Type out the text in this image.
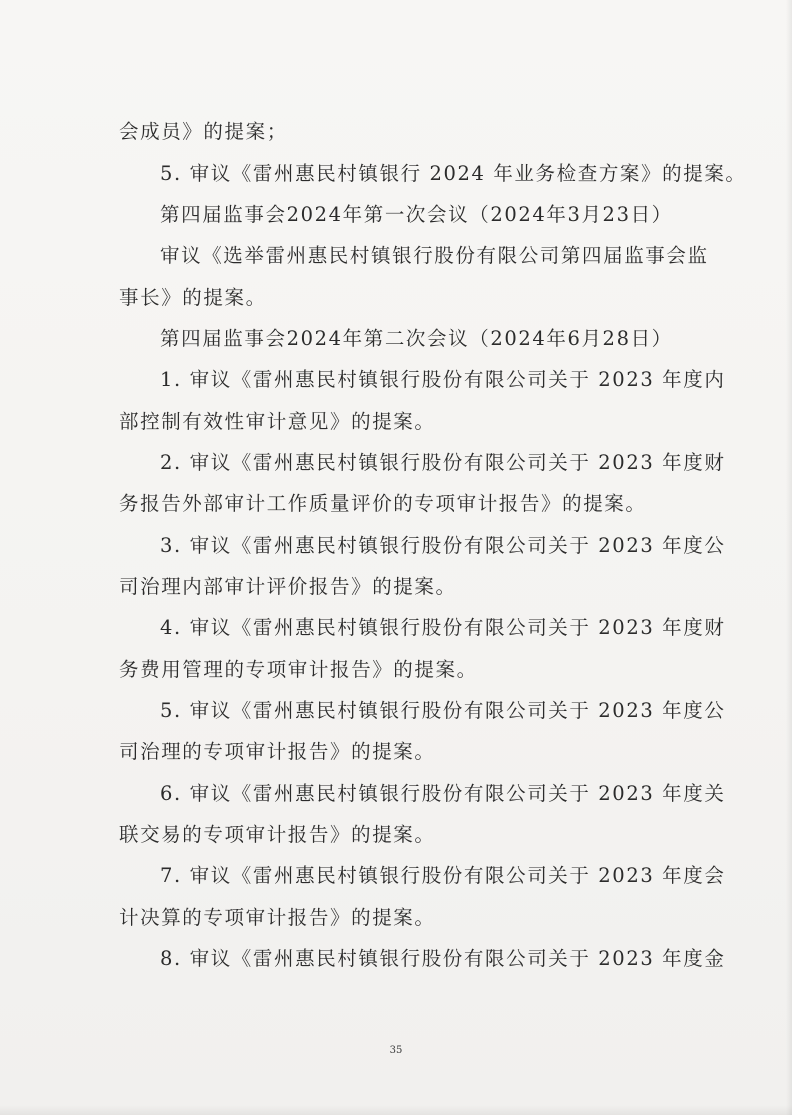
会成员》的提案；
5. 审议《雷州惠民村镇银行 2024 年业务检查方案》的提案。
第四届监事会2024年第一次会议（2024年3月23日）
审议《选举雷州惠民村镇银行股份有限公司第四届监事会监
事长》的提案。
第四届监事会2024年第二次会议（2024年6月28日）
1. 审议《雷州惠民村镇银行股份有限公司关于 2023 年度内
部控制有效性审计意见》的提案。
2. 审议《雷州惠民村镇银行股份有限公司关于 2023 年度财
务报告外部审计工作质量评价的专项审计报告》的提案。
3. 审议《雷州惠民村镇银行股份有限公司关于 2023 年度公
司治理内部审计评价报告》的提案。
4. 审议《雷州惠民村镇银行股份有限公司关于 2023 年度财
务费用管理的专项审计报告》的提案。
5. 审议《雷州惠民村镇银行股份有限公司关于 2023 年度公
司治理的专项审计报告》的提案。
6. 审议《雷州惠民村镇银行股份有限公司关于 2023 年度关
联交易的专项审计报告》的提案。
7. 审议《雷州惠民村镇银行股份有限公司关于 2023 年度会
计决算的专项审计报告》的提案。
8. 审议《雷州惠民村镇银行股份有限公司关于 2023 年度金
35
